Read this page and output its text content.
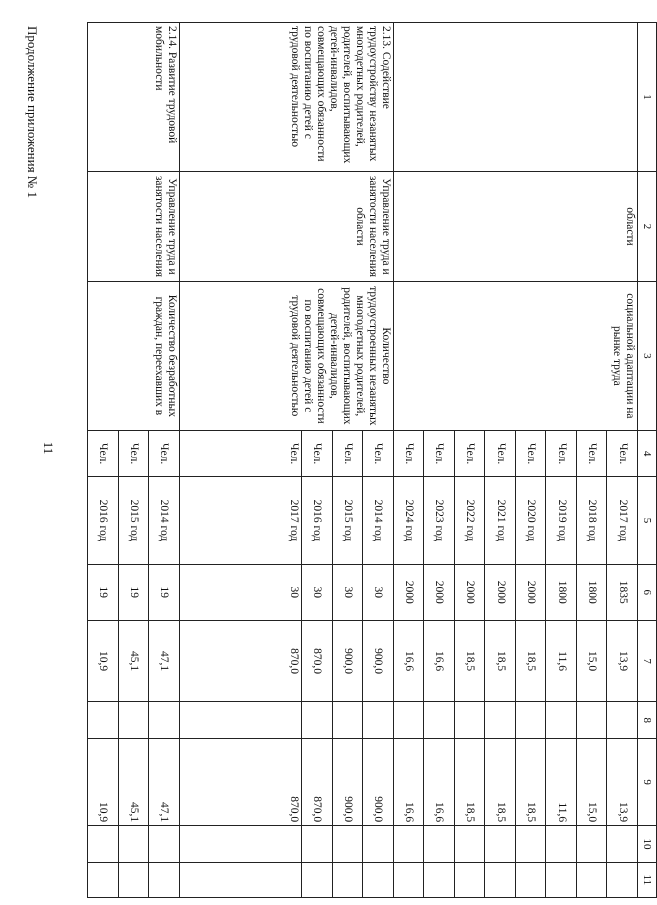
11
Продолжение приложения № 1	1	2	3	4	5	6	7	8	9	10	11
	области	социальной адаптации на рынке труда	Чел.	2017 год	1835	13,9		13,9		
			Чел.	2018 год	1800	15,0		15,0		
			Чел.	2019 год	1800	11,6		11,6		
			Чел.	2020 год	2000	18,5		18,5		
			Чел.	2021 год	2000	18,5		18,5		
			Чел.	2022 год	2000	18,5		18,5		
			Чел.	2023 год	2000	16,6		16,6		
			Чел.	2024 год	2000	16,6		16,6		
2.13. Содействие трудоустройству незанятых многодетных родителей, родителей, воспитывающих детей-инвалидов, совмещающих обязанности по воспитанию детей с трудовой деятельностью	Управление труда и занятости населения области	Количество трудоустроенных незанятых многодетных родителей, родителей, воспитывающих детей-инвалидов, совмещающих обязанности по воспитанию детей с трудовой деятельностью	Чел.	2014 год	30	900,0		900,0		
			Чел.	2015 год	30	900,0		900,0		
			Чел.	2016 год	30	870,0		870,0		
			Чел.	2017 год	30	870,0		870,0		
2.14. Развитие трудовой мобильности	Управление труда и занятости населения	Количество безработных граждан, переехавших в	Чел.	2014 год	19	47,1		47,1		
			Чел.	2015 год	19	45,1		45,1		
			Чел.	2016 год	19	10,9		10,9		
